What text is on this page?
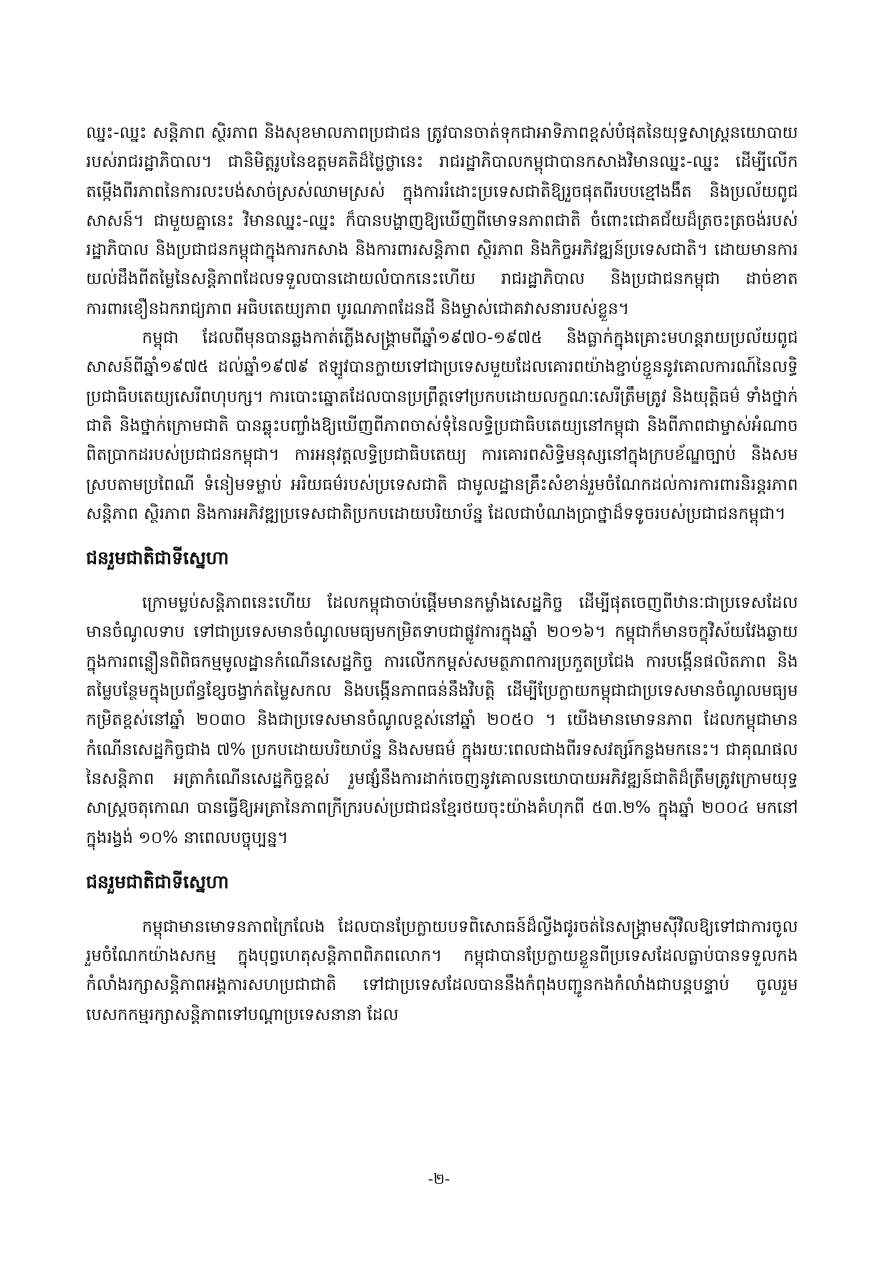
ឈ្នះ-ឈ្នះ សន្តិភាព ស្ថិរភាព និងសុខមាលភាពប្រជាជន ត្រូវបានចាត់ទុកជាអាទិភាពខ្ពស់បំផុតនៃយុទ្ធសាស្ត្រនយោបាយរបស់រាជរដ្ឋាភិបាល។ ជានិមិត្តរូបនៃឧត្តមគតិដ៏ថ្លៃថ្លានេះ រាជរដ្ឋាភិបាលកម្ពុជាបានកសាងវិមានឈ្នះ-ឈ្នះ ដើម្បីលើកតម្កើងពីរភាពនៃការលះបង់សាច់ស្រស់ឈាមស្រស់ ក្នុងការរំដោះប្រទេសជាតិឱ្យរួចផុតពីរបបខ្មៅងងឹត និងប្រល័យពូជសាសន៍។ ជាមួយគ្នានេះ វិមានឈ្នះ-ឈ្នះ ក៏បានបង្ហាញឱ្យឃើញពីមោទនភាពជាតិ ចំពោះជោគជ័យដ៏ត្រចះត្រចង់របស់រដ្ឋាភិបាល និងប្រជាជនកម្ពុជាក្នុងការកសាង និងការពារសន្តិភាព ស្ថិរភាព និងកិច្ចអភិវឌ្ឍន៍ប្រទេសជាតិ។ ដោយមានការយល់ដឹងពីតម្លៃនៃសន្តិភាពដែលទទួលបានដោយលំបាកនេះហើយ រាជរដ្ឋាភិបាល និងប្រជាជនកម្ពុជា ដាច់ខាតការពារខឿនឯករាជ្យភាព អធិបតេយ្យភាព បូរណភាពដែនដី និងម្ចាស់ជោគវាសនារបស់ខ្លួន។

កម្ពុជា ដែលពីមុនបានឆ្លងកាត់ភ្លើងសង្គ្រាមពីឆ្នាំ១៩៧០-១៩៧៥ និងធ្លាក់ក្នុងគ្រោះមហន្តរាយប្រល័យពូជសាសន៍ពីឆ្នាំ១៩៧៥ ដល់ឆ្នាំ១៩៧៩ ឥឡូវបានក្លាយទៅជាប្រទេសមួយដែលគោរពយ៉ាងខ្ជាប់ខ្ជួននូវគោលការណ៍នៃលទ្ធិប្រជាធិបតេយ្យសេរីពហុបក្ស។ ការបោះឆ្នោតដែលបានប្រព្រឹត្តទៅប្រកបដោយលក្ខណៈសេរីត្រឹមត្រូវ និងយុត្តិធម៌ ទាំងថ្នាក់ជាតិ និងថ្នាក់ក្រោមជាតិ បានឆ្លុះបញ្ចាំងឱ្យឃើញពីភាពចាស់ទុំនៃលទ្ធិប្រជាធិបតេយ្យនៅកម្ពុជា និងពីភាពជាម្ចាស់អំណាចពិតប្រាកដរបស់ប្រជាជនកម្ពុជា។ ការអនុវត្តលទ្ធិប្រជាធិបតេយ្យ ការគោរពសិទ្ធិមនុស្សនៅក្នុងក្របខ័ណ្ឌច្បាប់ និងសមស្របតាមប្រពៃណី ទំនៀមទម្លាប់ អរិយធម៌របស់ប្រទេសជាតិ ជាមូលដ្ឋានគ្រឹះសំខាន់រួមចំណែកដល់ការការពារនិរន្តរភាពសន្តិភាព ស្ថិរភាព និងការអភិវឌ្ឍប្រទេសជាតិប្រកបដោយបរិយាប័ន្ន ដែលជាបំណងប្រាថ្នាដ៏ទទូចរបស់ប្រជាជនកម្ពុជា។

ជនរួមជាតិជាទីស្នេហា

ក្រោមម្លប់សន្តិភាពនេះហើយ ដែលកម្ពុជាចាប់ផ្តើមមានកម្លាំងសេដ្ឋកិច្ច ដើម្បីផុតចេញពីឋានៈជាប្រទេសដែលមានចំណូលទាប ទៅជាប្រទេសមានចំណូលមធ្យមកម្រិតទាបជាផ្លូវការក្នុងឆ្នាំ ២០១៦។ កម្ពុជាក៏មានចក្ខុវិស័យវែងឆ្ងាយ ក្នុងការពន្លឿនពិពិធកម្មមូលដ្ឋានកំណើនសេដ្ឋកិច្ច ការលើកកម្ពស់សមត្ថភាពការប្រកួតប្រជែង ការបង្កើនផលិតភាព និងតម្លៃបន្ថែមក្នុងប្រព័ន្ធខ្សែចង្វាក់តម្លៃសកល និងបង្កើនភាពធន់នឹងវិបត្តិ ដើម្បីប្រែក្លាយកម្ពុជាជាប្រទេសមានចំណូលមធ្យមកម្រិតខ្ពស់នៅឆ្នាំ ២០៣០ និងជាប្រទេសមានចំណូលខ្ពស់នៅឆ្នាំ ២០៥០ ។ យើងមានមោទនភាព ដែលកម្ពុជាមានកំណើនសេដ្ឋកិច្ចជាង ៧% ប្រកបដោយបរិយាប័ន្ន និងសមធម៌ ក្នុងរយៈពេលជាងពីរទសវត្សរ៍កន្លងមកនេះ។ ជាគុណផលនៃសន្តិភាព អត្រាកំណើនសេដ្ឋកិច្ចខ្ពស់ រួមផ្សំនឹងការដាក់ចេញនូវគោលនយោបាយអភិវឌ្ឍន៍ជាតិដ៏ត្រឹមត្រូវក្រោមយុទ្ធសាស្ត្រចតុកោណ បានធ្វើឱ្យអត្រានៃភាពក្រីក្ររបស់ប្រជាជនខ្មែរថយចុះយ៉ាងគំហុកពី ៥៣.២% ក្នុងឆ្នាំ ២០០៤ មកនៅក្នុងរង្វង់ ១០% នាពេលបច្ចុប្បន្ន។

ជនរួមជាតិជាទីស្នេហា

កម្ពុជាមានមោទនភាពក្រៃលែង ដែលបានប្រែក្លាយបទពិសោធន៍ដ៏ល្វីងជូរចត់នៃសង្គ្រាមស៊ីវិលឱ្យទៅជាការចូលរួមចំណែកយ៉ាងសកម្ម ក្នុងបុព្វហេតុសន្តិភាពពិភពលោក។ កម្ពុជាបានប្រែក្លាយខ្លួនពីប្រទេសដែលធ្លាប់បានទទួលកងកំលាំងរក្សាសន្តិភាពអង្គការសហប្រជាជាតិ ទៅជាប្រទេសដែលបាននឹងកំពុងបញ្ជូនកងកំលាំងជាបន្តបន្ទាប់ ចូលរួមបេសកកម្មរក្សាសន្តិភាពទៅបណ្តាប្រទេសនានា ដែល

-២-
